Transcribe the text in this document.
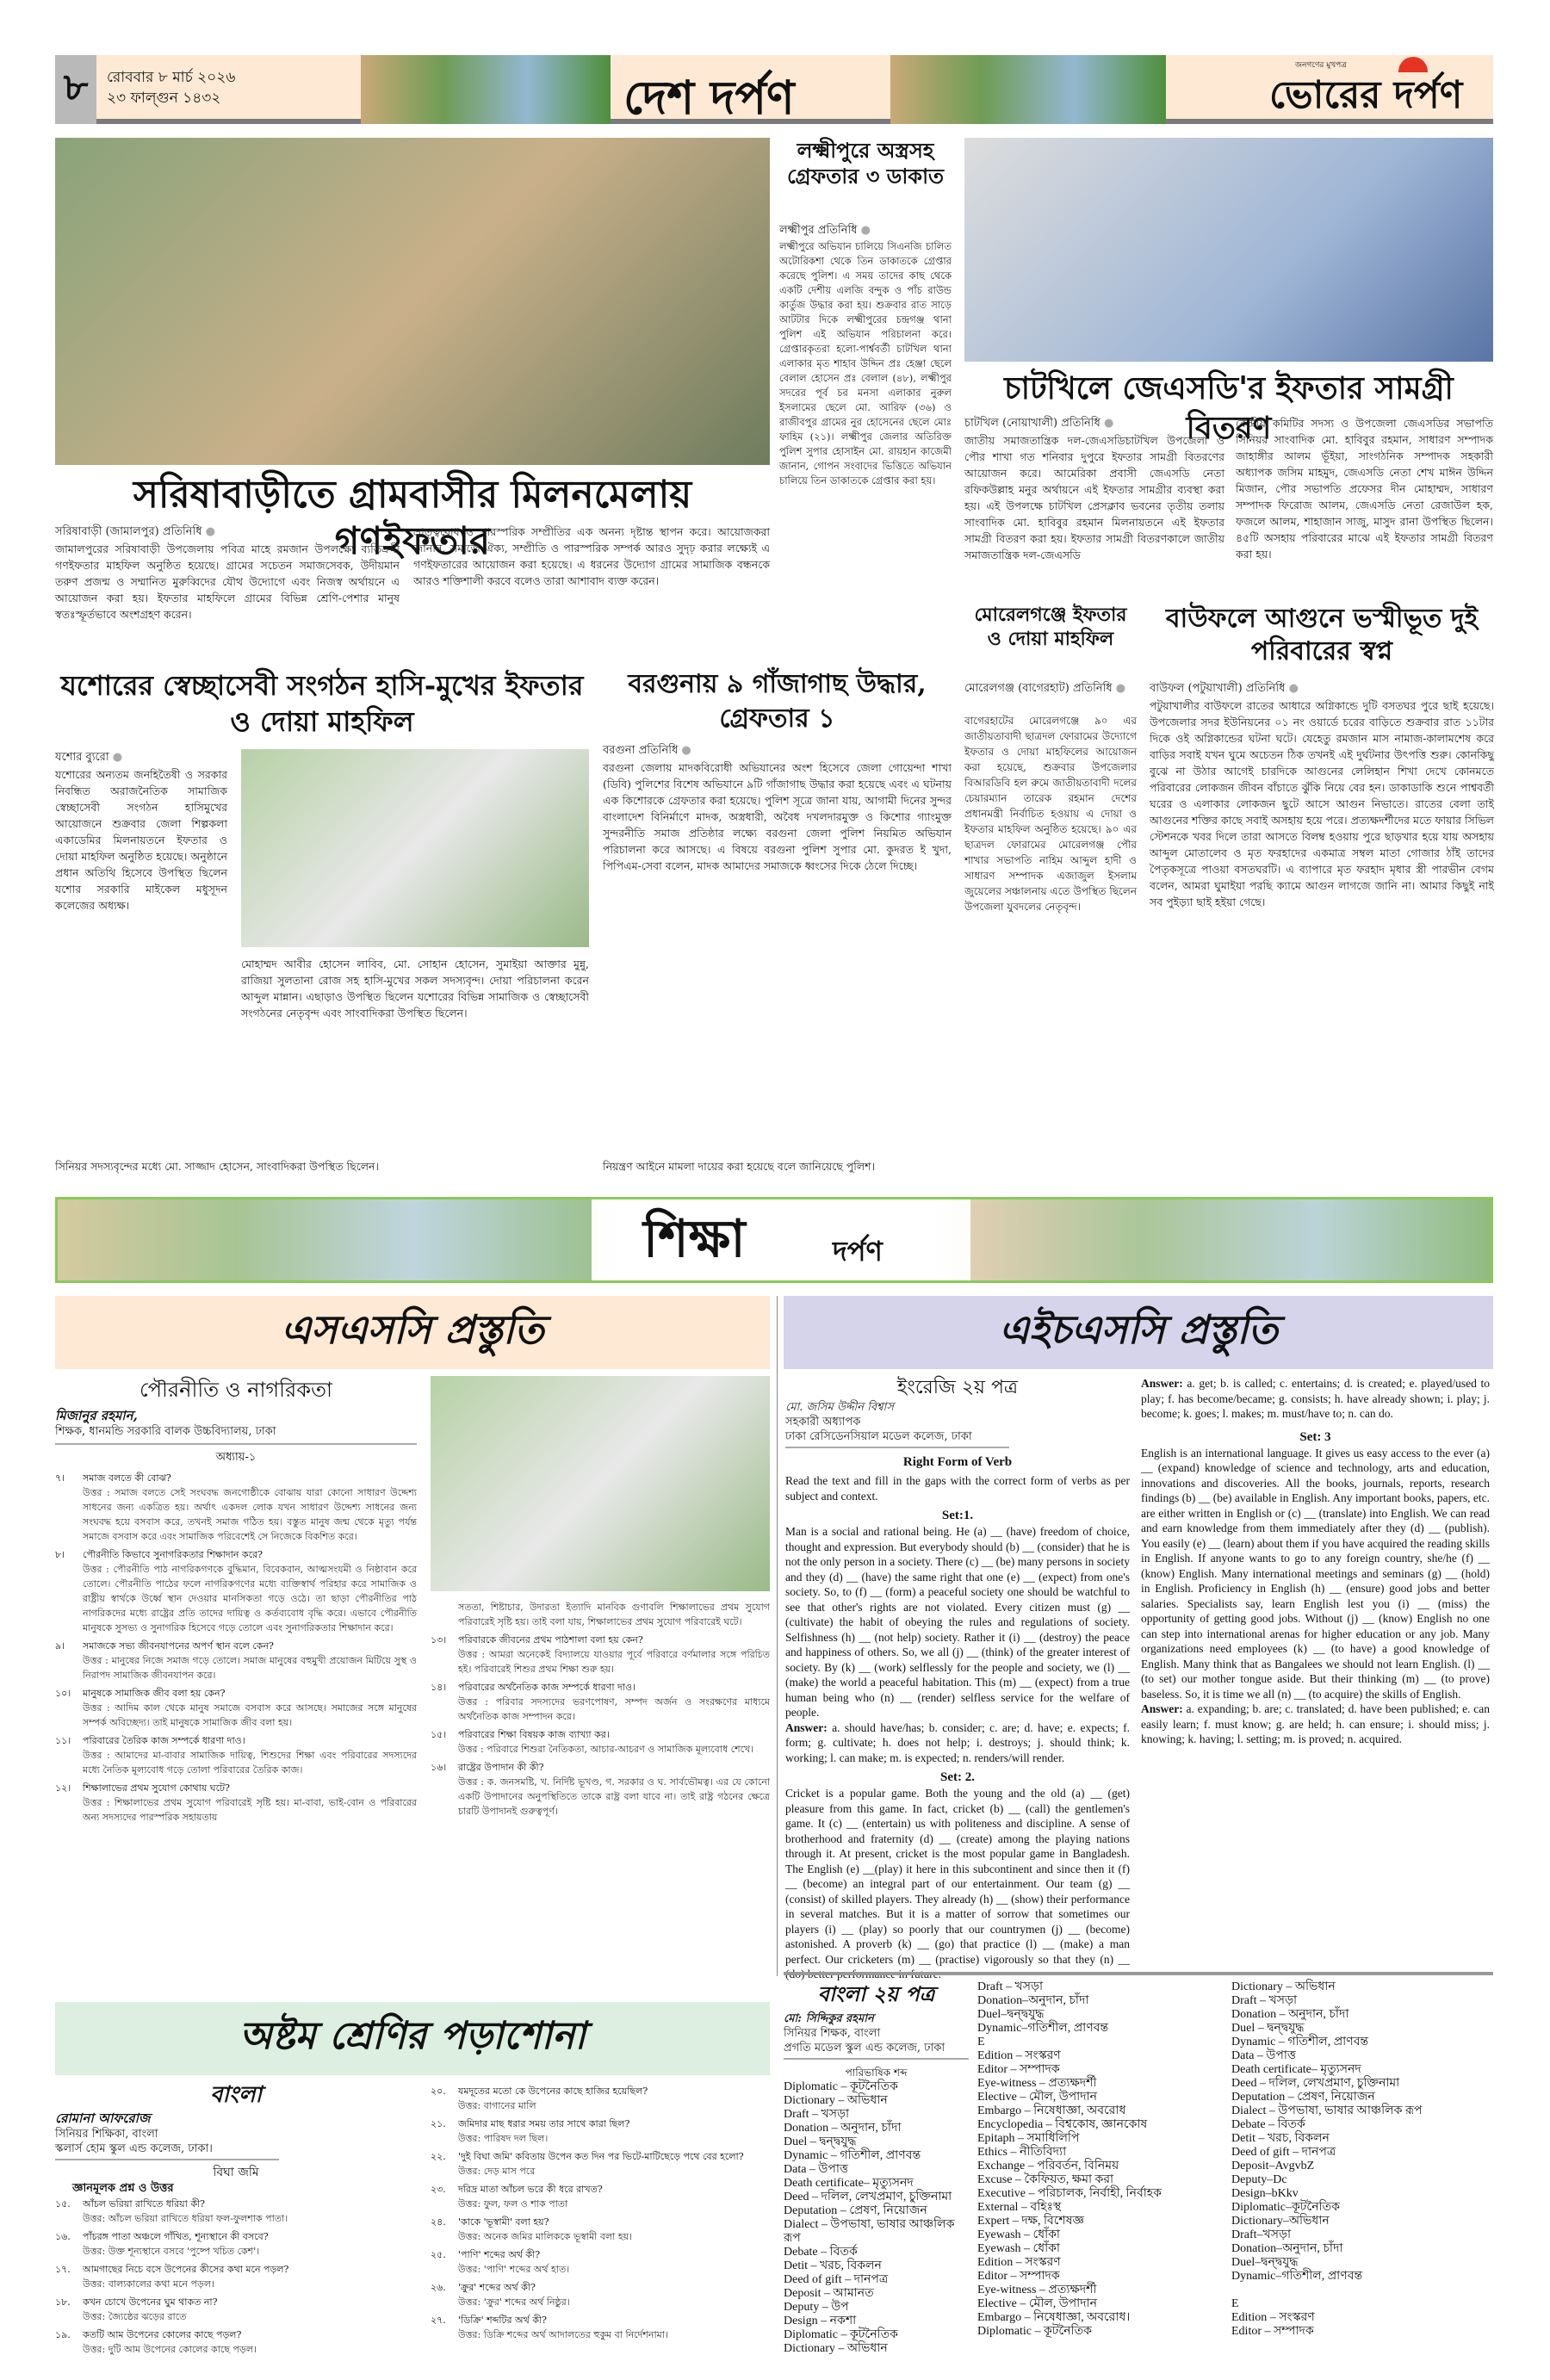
৮	রোববার ৮ মার্চ ২০২৬
২৩ ফাল্গুন ১৪৩২	দেশ দর্পণ
জনগণের মুখপত্র
ভোরের দর্পণ
সরিষাবাড়ীতে গ্রামবাসীর মিলনমেলায় গণইফতার
সরিষাবাড়ী (জামালপুর) প্রতিনিধি ●
জামালপুরের সরিষাবাড়ী উপজেলায় পবিত্র মাহে রমজান উপলক্ষ্যে ব্যতিক্রমী গণইফতার মাহফিল অনুষ্ঠিত হয়েছে। গ্রামের সচেতন সমাজসেবক, উদীয়মান তরুণ প্রজন্ম ও সম্মানিত মুরুব্বিদের যৌথ উদ্যোগে এবং নিজস্ব অর্থায়নে এ আয়োজন করা হয়। ইফতার মাহফিলে গ্রামের বিভিন্ন শ্রেণি-পেশার মানুষ স্বতঃস্ফূর্তভাবে অংশগ্রহণ করেন।
ভ্রাতৃত্ববোধ ও পারস্পরিক সম্প্রীতির এক অনন্য দৃষ্টান্ত স্থাপন করে। আয়োজকরা জানান, সমাজে ঐক্য, সম্প্রীতি ও পারস্পরিক সম্পর্ক আরও সুদৃঢ় করার লক্ষ্যেই এ গণইফতারের আয়োজন করা হয়েছে। এ ধরনের উদ্যোগ গ্রামের সামাজিক বন্ধনকে আরও শক্তিশালী করবে বলেও তারা আশাবাদ ব্যক্ত করেন।
লক্ষ্মীপুরে অস্ত্রসহ গ্রেফতার ৩ ডাকাত
লক্ষ্মীপুর প্রতিনিধি ●
লক্ষ্মীপুরে অভিযান চালিয়ে সিএনজি চালিত অটোরিকশা থেকে তিন ডাকাতকে গ্রেপ্তার করেছে পুলিশ। এ সময় তাদের কাছ থেকে একটি দেশীয় এলজি বন্দুক ও পাঁচ রাউন্ড কার্তুজ উদ্ধার করা হয়। শুক্রবার রাত সাড়ে আটটার দিকে লক্ষ্মীপুরের চন্দ্রগঞ্জ থানা পুলিশ এই অভিযান পরিচালনা করে। গ্রেপ্তারকৃতরা হলো-পার্শ্ববর্তী চাটখিল থানা এলাকার মৃত শাহাব উদ্দিন প্রঃ হেঞ্জা ছেলে বেলাল হোসেন প্রঃ বেলাল (৪৮), লক্ষ্মীপুর সদরের পূর্ব চর মনসা এলাকার নুরুল ইসলামের ছেলে মো. আরিফ (৩৬) ও রাজীবপুর গ্রামের নুর হোসেনের ছেলে মোঃ ফাহিম (২১)। লক্ষ্মীপুর জেলার অতিরিক্ত পুলিশ সুপার হোসাইন মো. রায়হান কাজেমী জানান, গোপন সংবাদের ভিত্তিতে অভিযান চালিয়ে তিন ডাকাতকে গ্রেপ্তার করা হয়।
চাটখিলে জেএসডি'র ইফতার সামগ্রী বিতরণ
চাটখিল (নোয়াখালী) প্রতিনিধি ●
জাতীয় সমাজতান্ত্রিক দল-জেএসডিচাটখিল উপজেলা ও পৌর শাখা গত শনিবার দুপুরে ইফতার সামগ্রী বিতরণের আয়োজন করে। আমেরিকা প্রবাসী জেএসডি নেতা রফিকউল্লাহ মনুর অর্থায়নে এই ইফতার সামগ্রীর ব্যবস্থা করা হয়। এই উপলক্ষে চাটখিল প্রেসক্লাব ভবনের তৃতীয় তলায় সাংবাদিক মো. হাবিবুর রহমান মিলনায়তনে এই ইফতার সামগ্রী বিতরণ করা হয়। ইফতার সামগ্রী বিতরণকালে জাতীয় সমাজতান্ত্রিক দল-জেএসডি
কেন্দ্রীয় কমিটির সদস্য ও উপজেলা জেএসডির সভাপতি সিনিয়র সাংবাদিক মো. হাবিবুর রহমান, সাধারণ সম্পাদক জাহাঙ্গীর আলম ভূঁইয়া, সাংগঠনিক সম্পাদক সহকারী অধ্যাপক জসিম মাহমুদ, জেএসডি নেতা শেখ মাঈন উদ্দিন মিজান, পৌর সভাপতি প্রফেসর দীন মোহাম্মদ, সাধারণ সম্পাদক ফিরোজ আলম, জেএসডি নেতা রেজাউল হক, ফজলে আলম, শাহাজান সাজু, মাসুদ রানা উপস্থিত ছিলেন। ৪৫টি অসহায় পরিবারের মাঝে এই ইফতার সামগ্রী বিতরণ করা হয়।
মোরেলগঞ্জে ইফতার ও দোয়া মাহফিল
মোরেলগঞ্জ (বাগেরহাট) প্রতিনিধি ●
বাগেরহাটের মোরেলগঞ্জে ৯০ এর জাতীয়তাবাদী ছাত্রদল ফোরামের উদ্যোগে ইফতার ও দোয়া মাহফিলের আয়োজন করা হয়েছে, শুক্রবার উপজেলার বিআরডিবি হল রুমে জাতীয়তাবাদী দলের চেয়ারম্যান তারেক রহমান দেশের প্রধানমন্ত্রী নির্বাচিত হওয়ায় এ দোয়া ও ইফতার মাহফিল অনুষ্ঠিত হয়েছে। ৯০ এর ছাত্রদল ফোরামের মোরেলগঞ্জ পৌর শাখার সভাপতি নাহিম আব্দুল হাদী ও সাধারণ সম্পাদক এজাজুল ইসলাম জুয়েলের সঞ্চালনায় এতে উপস্থিত ছিলেন উপজেলা যুবদলের নেতৃবৃন্দ।
বাউফলে আগুনে ভস্মীভূত দুই পরিবারের স্বপ্ন
বাউফল (পটুয়াখালী) প্রতিনিধি ●
পটুয়াখালীর বাউফলে রাতের আধারে অগ্নিকান্ডে দুটি বসতঘর পুরে ছাই হয়েছে। উপজেলার সদর ইউনিয়নের ০১ নং ওয়ার্ডে চরের বাড়িতে শুক্রবার রাত ১১টার দিকে ওই অগ্নিকান্ডের ঘটনা ঘটে। যেহেতু রমজান মাস নামাজ-কালামশেষ করে বাড়ির সবাই যখন ঘুমে অচেতন ঠিক তখনই এই দুর্ঘটনার উৎপত্তি শুরু। কোনকিছু বুঝে না উঠার আগেই চারদিকে আগুনের লেলিহান শিখা দেখে কোনমতে পরিবারের লোকজন জীবন বাঁচাতে ঝুঁকি নিয়ে বের হন। ডাকাডাকি শুনে পাশ্ববর্তী ঘরের ও এলাকার লোকজন ছুটে আসে আগুন নিভাতে। রাতের বেলা তাই আগুনের শক্তির কাছে সবাই অসহায় হয়ে পরে। প্রত্যক্ষদর্শীদের মতে ফায়ার সিভিল স্টেশনকে খবর দিলে তারা আসতে বিলম্ব হওয়ায় পুরে ছাড়খার হয়ে যায় অসহায় আব্দুল মোতালেব ও মৃত ফরহাদের একমাত্র সম্বল মাতা গোজার ঠাঁই তাদের পৈতৃকসূত্রে পাওয়া বসতঘরটি। এ ব্যাপারে মৃত ফরহাদ মৃধার স্ত্রী পারভীন বেগম বলেন, আমরা ঘুমাইয়া পরছি ক্যামে আগুন লাগজে জানি না। আমার কিছুই নাই সব পুইড়্যা ছাই হইয়া গেছে।
যশোরের স্বেচ্ছাসেবী সংগঠন হাসি-মুখের ইফতার ও দোয়া মাহফিল
যশোর ব্যুরো ●
যশোরের অন্যতম জনহিতৈষী ও সরকার নিবন্ধিত অরাজনৈতিক সামাজিক স্বেচ্ছাসেবী সংগঠন হাসিমুখের আয়োজনে শুক্রবার জেলা শিল্পকলা একাডেমির মিলনায়তনে ইফতার ও দোয়া মাহফিল অনুষ্ঠিত হয়েছে। অনুষ্ঠানে প্রধান অতিথি হিসেবে উপস্থিত ছিলেন যশোর সরকারি মাইকেল মধুসূদন কলেজের অধ্যক্ষ।
মোহাম্মদ আবীর হোসেন লাবিব, মো. সোহান হোসেন, সুমাইয়া আক্তার মুন্নু, রাজিয়া সুলতানা রোজ সহ হাসি-মুখের সকল সদস্যবৃন্দ। দোয়া পরিচালনা করেন আব্দুল মান্নান। এছাড়াও উপস্থিত ছিলেন যশোরের বিভিন্ন সামাজিক ও স্বেচ্ছাসেবী সংগঠনের নেতৃবৃন্দ এবং সাংবাদিকরা উপস্থিত ছিলেন।
সিনিয়র সদস্যবৃন্দের মধ্যে মো. সাজ্জাদ হোসেন, সাংবাদিকরা উপস্থিত ছিলেন।
বরগুনায় ৯ গাঁজাগাছ উদ্ধার, গ্রেফতার ১
বরগুনা প্রতিনিধি ●
বরগুনা জেলায় মাদকবিরোধী অভিযানের অংশ হিসেবে জেলা গোয়েন্দা শাখা (ডিবি) পুলিশের বিশেষ অভিযানে ৯টি গাঁজাগাছ উদ্ধার করা হয়েছে এবং এ ঘটনায় এক কিশোরকে গ্রেফতার করা হয়েছে। পুলিশ সূত্রে জানা যায়, আগামী দিনের সুন্দর বাংলাদেশ বিনির্মাণে মাদক, অস্ত্রধারী, অবৈধ দখলদারমুক্ত ও কিশোর গ্যাংমুক্ত সুন্দরনীতি সমাজ প্রতিষ্ঠার লক্ষ্যে বরগুনা জেলা পুলিশ নিয়মিত অভিযান পরিচালনা করে আসছে। এ বিষয়ে বরগুনা পুলিশ সুপার মো. কুদরত ই খুদা, পিপিএম-সেবা বলেন, মাদক আমাদের সমাজকে ধ্বংসের দিকে ঠেলে দিচ্ছে।
নিয়ন্ত্রণ আইনে মামলা দায়ের করা হয়েছে বলে জানিয়েছে পুলিশ।
শিক্ষা	দর্পণ
এসএসসি প্রস্তুতি
পৌরনীতি ও নাগরিকতা
মিজানুর রহমান,
শিক্ষক, ধানমন্ডি সরকারি বালক উচ্চবিদ্যালয়, ঢাকা
অধ্যায়-১
৭।	সমাজ বলতে কী বোঝ?
উত্তর : সমাজ বলতে সেই সংঘবদ্ধ জনগোষ্ঠীকে বোঝায় যারা কোনো সাধারণ উদ্দেশ্য সাধনের জন্য একত্রিত হয়। অর্থাৎ একদল লোক যখন সাধারণ উদ্দেশ্য সাধনের জন্য সংঘবদ্ধ হয়ে বসবাস করে, তখনই সমাজ গঠিত হয়। বস্তুত মানুষ জন্ম থেকে মৃত্যু পর্যন্ত সমাজে বসবাস করে এবং সামাজিক পরিবেশেই সে নিজেকে বিকশিত করে।
৮।	পৌরনীতি কিভাবে সুনাগরিকতার শিক্ষাদান করে?
উত্তর : পৌরনীতি পাঠ নাগরিকগণকে বুদ্ধিমান, বিবেকবান, আত্মসংযমী ও নিষ্ঠাবান করে তোলে। পৌরনীতি পাঠের ফলে নাগরিকগণের মধ্যে ব্যক্তিস্বার্থ পরিহার করে সামাজিক ও রাষ্ট্রীয় স্বার্থকে উর্ধ্বে স্থান দেওয়ার মানসিকতা গড়ে ওঠে। তা ছাড়া পৌরনীতির পাঠ নাগরিকদের মধ্যে রাষ্ট্রের প্রতি তাদের দায়িত্ব ও কর্তব্যবোধ বৃদ্ধি করে। এভাবে পৌরনীতি মানুষকে সুসভ্য ও সুনাগরিক হিসেবে গড়ে তোলে এবং সুনাগরিকতার শিক্ষাদান করে।
৯।	সমাজকে সভ্য জীবনযাপনের অপর্ণ স্থান বলে কেন?
উত্তর : মানুষের নিজে সমাজ গড়ে তোলে। সমাজ মানুষের বহুমুখী প্রয়োজন মিটিয়ে সুস্থ ও নিরাপদ সামাজিক জীবনযাপন করে।
১০।	মানুষকে সামাজিক জীব বলা হয় কেন?
উত্তর : আদিম কাল থেকে মানুষ সমাজে বসবাস করে আসছে। সমাজের সঙ্গে মানুষের সম্পর্ক অবিচ্ছেদ্য। তাই মানুষকে সামাজিক জীব বলা হয়।
১১।	পরিবারের তৈরিক কাজ সম্পর্কে ধারণা দাও।
উত্তর : আমাদের মা-বাবার সামাজিক দায়িত্ব, শিশুদের শিক্ষা এবং পরিবারের সদস্যদের মধ্যে নৈতিক মূল্যবোধ গড়ে তোলা পরিবারের তৈরিক কাজ।
১২।	শিক্ষালাভের প্রথম সুযোগ কোথায় ঘটে?
উত্তর : শিক্ষালাভের প্রথম সুযোগ পরিবারেই সৃষ্টি হয়। মা-বাবা, ভাই-বোন ও পরিবারের অন্য সদস্যদের পারস্পরিক সহায়তায়
সততা, শিষ্টাচার, উদারতা ইত্যাদি মানবিক গুণাবলি শিক্ষালাভের প্রথম সুযোগ পরিবারেই সৃষ্টি হয়। তাই বলা যায়, শিক্ষালাভের প্রথম সুযোগ পরিবারেই ঘটে।
১৩।	পরিবারকে জীবনের প্রথম পাঠশালা বলা হয় কেন?
উত্তর : আমরা অনেকেই বিদ্যালয়ে যাওয়ার পূর্বে পরিবারে বর্ণমালার সঙ্গে পরিচিত হই। পরিবারেই শিশুর প্রথম শিক্ষা শুরু হয়।
১৪।	পরিবারের অর্থনৈতিক কাজ সম্পর্কে ধারণা দাও।
উত্তর : পরিবার সদস্যদের ভরণপোষণ, সম্পদ অর্জন ও সংরক্ষণের মাধ্যমে অর্থনৈতিক কাজ সম্পাদন করে।
১৫।	পরিবারের শিক্ষা বিষয়ক কাজ ব্যাখ্যা কর।
উত্তর : পরিবারে শিশুরা নৈতিকতা, আচার-আচরণ ও সামাজিক মূল্যবোধ শেখে।
১৬।	রাষ্ট্রের উপাদান কী কী?
উত্তর : ক. জনসমষ্টি, খ. নির্দিষ্ট ভূখণ্ড, গ. সরকার ও ঘ. সার্বভৌমত্ব। এর যে কোনো একটি উপাদানের অনুপস্থিতিতে তাকে রাষ্ট্র বলা যাবে না। তাই রাষ্ট্র গঠনের ক্ষেত্রে চারটি উপাদানই গুরুত্বপূর্ণ।
এইচএসসি প্রস্তুতি
ইংরেজি ২য় পত্র
মো. জসিম উদ্দীন বিশ্বাস
সহকারী অধ্যাপক
ঢাকা রেসিডেনসিয়াল মডেল কলেজ, ঢাকা
Right Form of Verb
Read the text and fill in the gaps with the correct form of verbs as per subject and context.
Set:1.
Man is a social and rational being. He (a) __ (have) freedom of choice, thought and expression. But everybody should (b) __ (consider) that he is not the only person in a society. There (c) __ (be) many persons in society and they (d) __ (have) the same right that one (e) __ (expect) from one's society. So, to (f) __ (form) a peaceful society one should be watchful to see that other's rights are not violated. Every citizen must (g) __ (cultivate) the habit of obeying the rules and regulations of society. Selfishness (h) __ (not help) society. Rather it (i) __ (destroy) the peace and happiness of others. So, we all (j) __ (think) of the greater interest of society. By (k) __ (work) selflessly for the people and society, we (l) __ (make) the world a peaceful habitation. This (m) __ (expect) from a true human being who (n) __ (render) selfless service for the welfare of people.
Answer: a. should have/has; b. consider; c. are; d. have; e. expects; f. form; g. cultivate; h. does not help; i. destroys; j. should think; k. working; l. can make; m. is expected; n. renders/will render.
Set: 2.
Cricket is a popular game. Both the young and the old (a) __ (get) pleasure from this game. In fact, cricket (b) __ (call) the gentlemen's game. It (c) __ (entertain) us with politeness and discipline. A sense of brotherhood and fraternity (d) __ (create) among the playing nations through it. At present, cricket is the most popular game in Bangladesh. The English (e) __(play) it here in this subcontinent and since then it (f) __ (become) an integral part of our entertainment. Our team (g) __ (consist) of skilled players. They already (h) __ (show) their performance in several matches. But it is a matter of sorrow that sometimes our players (i) __ (play) so poorly that our countrymen (j) __ (become) astonished. A proverb (k) __ (go) that practice (l) __ (make) a man perfect. Our cricketers (m) __ (practise) vigorously so that they (n) __
Answer: a. get; b. is called; c. entertains; d. is created; e. played/used to play; f. has become/became; g. consists; h. have already shown; i. play; j. become; k. goes; l. makes; m. must/have to; n. can do.
Set: 3
English is an international language. It gives us easy access to the ever (a) __ (expand) knowledge of science and technology, arts and education, innovations and discoveries. All the books, journals, reports, research findings (b) __ (be) available in English. Any important books, papers, etc. are either written in English or (c) __ (translate) into English. We can read and earn knowledge from them immediately after they (d) __ (publish). You easily (e) __ (learn) about them if you have acquired the reading skills in English. If anyone wants to go to any foreign country, she/he (f) __ (know) English. Many international meetings and seminars (g) __ (hold) in English. Proficiency in English (h) __ (ensure) good jobs and better salaries. Specialists say, learn English lest you (i) __ (miss) the opportunity of getting good jobs. Without (j) __ (know) English no one can step into international arenas for higher education or any job. Many organizations need employees (k) __ (to have) a good knowledge of English. Many think that as Bangalees we should not learn English. (l) __ (to set) our mother tongue aside. But their thinking (m) __ (to prove) baseless. So, it is time we all (n) __ (to acquire) the skills of English.
Answer: a. expanding; b. are; c. translated; d. have been published; e. can easily learn; f. must know; g. are held; h. can ensure; i. should miss; j. knowing; k. having; l. setting; m. is proved; n. acquired.
অষ্টম শ্রেণির পড়াশোনা
বাংলা
রোমানা আফরোজ
সিনিয়র শিক্ষিকা, বাংলা
স্কলার্স হোম স্কুল এন্ড কলেজ, ঢাকা।
বিঘা জমি
জ্ঞানমূলক প্রশ্ন ও উত্তর
১৫.	আঁচল ভরিয়া রাখিতে ধরিয়া কী?
উত্তর: আঁচল ভরিয়া রাখিতে ধরিয়া ফল-ফুলশাক পাতা।
১৬.	পাঁচরঙ্গ পাতা অঞ্চলে গাঁথিত, শূন্যস্থানে কী বসবে?
উত্তর: উক্ত শূন্যস্থানে বসবে 'পুষ্পে খচিত কেশ'।
১৭.	আমগাছের নিচে বসে উপেনের কীসের কথা মনে পড়ল?
উত্তর: বাল্যকালের কথা মনে পড়ল।
১৮.	কখন চোখে উপেনের ঘুম থাকত না?
উত্তর: জ্যৈষ্ঠের ঝড়ের রাতে
১৯.	কতটি আম উপেনের কোলের কাছে পড়ল?
উত্তর: দুটি আম উপেনের কোলের কাছে পড়ল।
২০.	যমদূতের মতো কে উপেনের কাছে হাজির হয়েছিল?
উত্তর: বাগানের মালি
২১.	জমিদার মাছ ধরার সময় তার সাথে কারা ছিল?
উত্তর: পারিষদ দল ছিল।
২২.	'দুই বিঘা জমি' কবিতায় উপেন কত দিন পর ভিটে-মাটিছেড়ে পথে বের হলো?
উত্তর: দেড় মাস পরে
২৩.	দরিদ্র মাতা আঁচল ভরে কী ধরে রাখত?
উত্তর: ফুল, ফল ও শাক পাতা
২৪.	'কাকে 'ভূস্বামী' বলা হয়?
উত্তর: অনেক জমির মালিককে ভূস্বামী বলা হয়।
২৫.	'পাণি' শব্দের অর্থ কী?
উত্তর: 'পাণি' শব্দের অর্থ হাত।
২৬.	'ক্রুর' শব্দের অর্থ কী?
উত্তর: 'ক্রুর' শব্দের অর্থ নিষ্ঠুর।
২৭.	'ডিক্রি' শব্দটির অর্থ কী?
উত্তর: ডিক্রি শব্দের অর্থ আদালতের হুকুম বা নির্দেশনামা।
বাংলা ২য় পত্র
মো: সিদ্দিকুর রহমান
সিনিয়র শিক্ষক, বাংলা
প্রগতি মডেল স্কুল এন্ড কলেজ, ঢাকা
পারিভাষিক শব্দ
Diplomatic – কূটনৈতিক
Dictionary – অভিধান
Draft – খসড়া
Donation – অনুদান, চাঁদা
Duel – দ্বন্দ্বযুদ্ধ
Dynamic – গতিশীল, প্রাণবন্ত
Data – উপাত্ত
Death certificate– মৃত্যুসনদ
Deed – দলিল, লেখপ্রমাণ, চুক্তিনামা
Deputation – প্রেষণ, নিয়োজন
Dialect – উপভাষা, ভাষার আঞ্চলিক রূপ
Debate – বিতর্ক
Detit – খরচ, বিকলন
Deed of gift – দানপত্র
Deposit – আমানত
Deputy – উপ
Design – নকশা
Diplomatic – কূটনৈতিক
Dictionary – অভিধান
Draft – খসড়া
Donation–অনুদান, চাঁদা
Duel–দ্বন্দ্বযুদ্ধ
Dynamic–গতিশীল, প্রাণবন্ত
E
Edition – সংস্করণ
Editor – সম্পাদক
Eye-witness – প্রত্যক্ষদর্শী
Elective – মৌল, উপাদান
Embargo – নিষেধাজ্ঞা, অবরোধ
Encyclopedia – বিশ্বকোষ, জ্ঞানকোষ
Epitaph – সমাধিলিপি
Ethics – নীতিবিদ্যা
Exchange – পরিবর্তন, বিনিময়
Excuse – কৈফিয়ত, ক্ষমা করা
Executive – পরিচালক, নির্বাহী, নির্বাহক
External – বহিঃস্থ
Expert – দক্ষ, বিশেষজ্ঞ
Eyewash – ধোঁকা
Eyewash – ধোঁকা
Edition – সংস্করণ
Editor – সম্পাদক
Eye-witness – প্রত্যক্ষদর্শী
Elective – মৌল, উপাদান
Embargo – নিষেধাজ্ঞা, অবরোধ।
Diplomatic – কূটনৈতিক
Dictionary – অভিধান
Draft – খসড়া
Donation – অনুদান, চাঁদা
Duel – দ্বন্দ্বযুদ্ধ
Dynamic – গতিশীল, প্রাণবন্ত
Data – উপাত্ত
Death certificate– মৃত্যুসনদ
Deed – দলিল, লেখপ্রমাণ, চুক্তিনামা
Deputation – প্রেষণ, নিয়োজন
Dialect – উপভাষা, ভাষার আঞ্চলিক রূপ
Debate – বিতর্ক
Detit – খরচ, বিকলন
Deed of gift – দানপত্র
Deposit–AvgvbZ
Deputy–Dc
Design–bKkv
Diplomatic–কূটনৈতিক
Dictionary–অভিধান
Draft–খসড়া
Donation–অনুদান, চাঁদা
Duel–দ্বন্দ্বযুদ্ধ
Dynamic–গতিশীল, প্রাণবন্ত

E
Edition – সংস্করণ
Editor – সম্পাদক
